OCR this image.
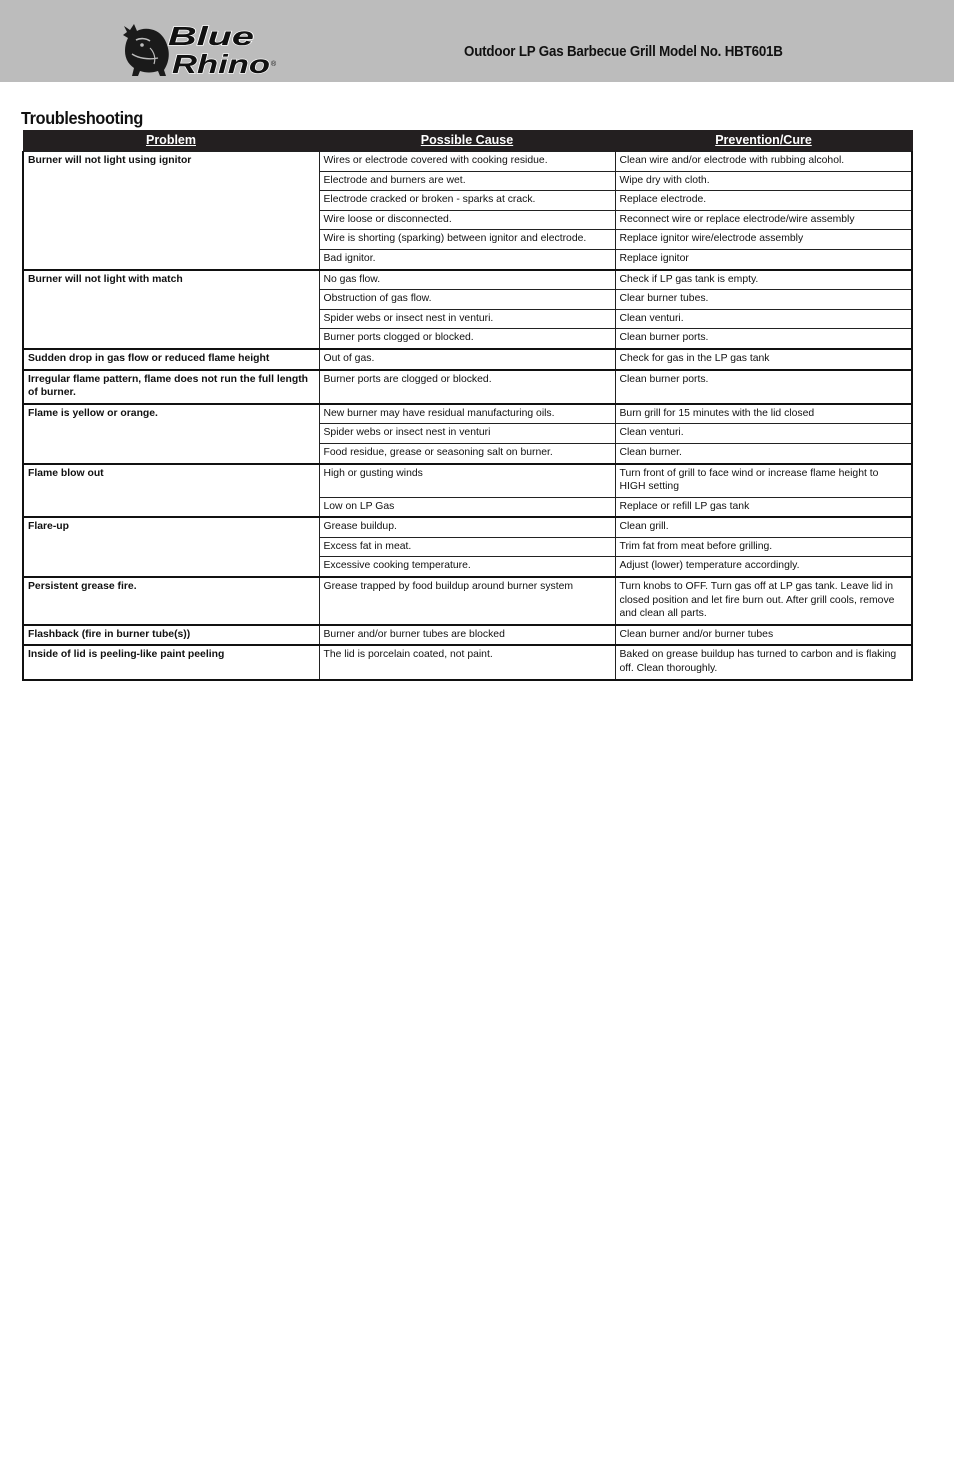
Blue
Rhino ®
Outdoor LP Gas Barbecue Grill Model No. HBT601B
Troubleshooting
Problem	Possible Cause	Prevention/Cure
Burner will not light using ignitor	Wires or electrode covered with cooking residue.	Clean wire and/or electrode with rubbing alcohol.
	Electrode and burners are wet.	Wipe dry with cloth.
	Electrode cracked or broken - sparks at crack.	Replace electrode.
	Wire loose or disconnected.	Reconnect wire or replace electrode/wire assembly
	Wire is shorting (sparking) between ignitor and electrode.	Replace ignitor wire/electrode assembly
	Bad ignitor.	Replace ignitor
Burner will not light with match	No gas flow.	Check if LP gas tank is empty.
	Obstruction of gas flow.	Clear burner tubes.
	Spider webs or insect nest in venturi.	Clean venturi.
	Burner ports clogged or blocked.	Clean burner ports.
Sudden drop in gas flow or reduced flame height	Out of gas.	Check for gas in the LP gas tank
Irregular flame pattern, flame does not run the full length of burner.	Burner ports are clogged or blocked.	Clean burner ports.
Flame is yellow or orange.	New burner may have residual manufacturing oils.	Burn grill for 15 minutes with the lid closed
	Spider webs or insect nest in venturi	Clean venturi.
	Food residue, grease or seasoning salt on burner.	Clean burner.
Flame blow out	High or gusting winds	Turn front of grill to face wind or increase flame height to HIGH setting
	Low on LP Gas	Replace or refill LP gas tank
Flare-up	Grease buildup.	Clean grill.
	Excess fat in meat.	Trim fat from meat before grilling.
	Excessive cooking temperature.	Adjust (lower) temperature accordingly.
Persistent grease fire.	Grease trapped by food buildup around burner system	Turn knobs to OFF. Turn gas off at LP gas tank. Leave lid in closed position and let fire burn out. After grill cools, remove and clean all parts.
Flashback (fire in burner tube(s))	Burner and/or burner tubes are blocked	Clean burner and/or burner tubes
Inside of lid is peeling-like paint peeling	The lid is porcelain coated, not paint.	Baked on grease buildup has turned to carbon and is flaking off. Clean thoroughly.
